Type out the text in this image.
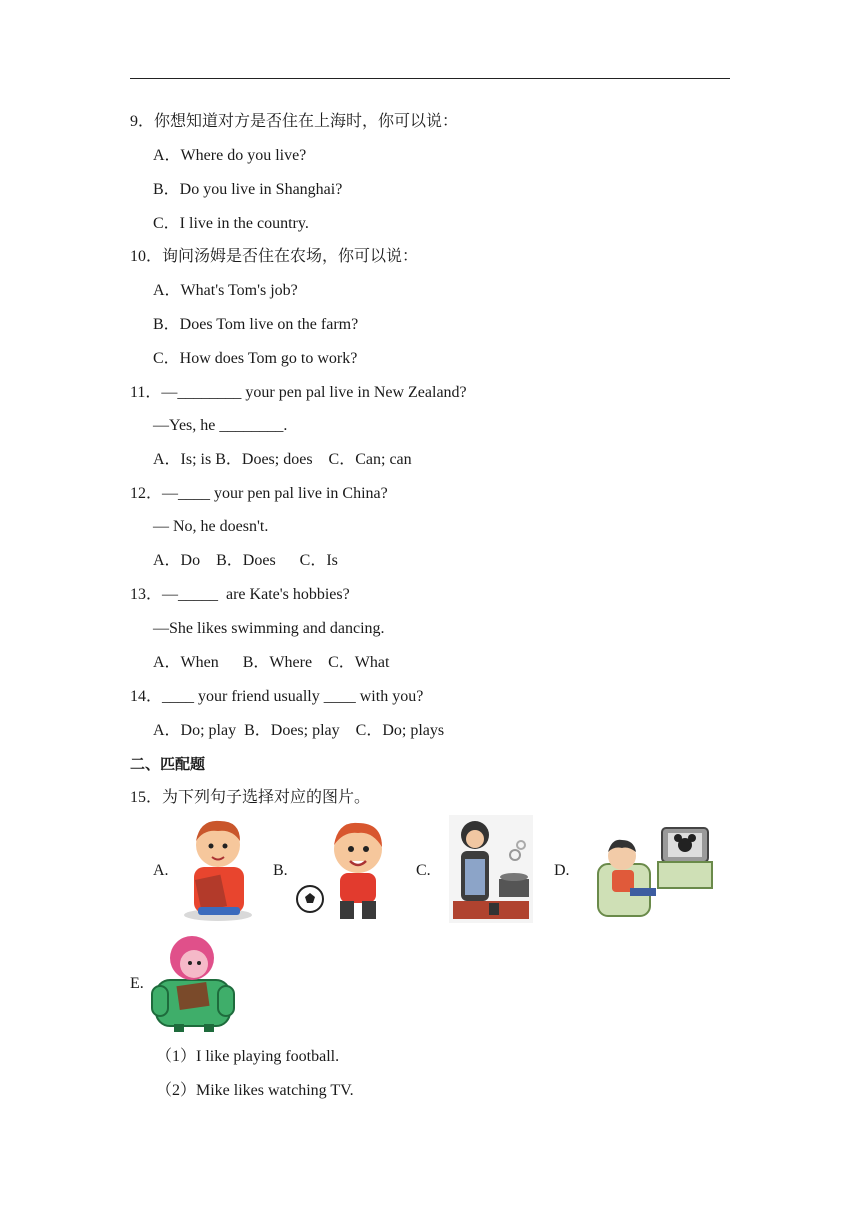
9．你想知道对方是否住在上海时，你可以说：
A．Where do you live?
B．Do you live in Shanghai?
C．I live in the country.
10．询问汤姆是否住在农场，你可以说：
A．What's Tom's job?
B．Does Tom live on the farm?
C．How does Tom go to work?
11．—________ your pen pal live in New Zealand?
—Yes, he ________.
A．Is; is B．Does; does    C．Can; can
12．—____ your pen pal live in China?
— No, he doesn't.
A．Do    B．Does      C．Is
13．—_____  are Kate's hobbies?
—She likes swimming and dancing.
A．When      B．Where    C．What
14．____ your friend usually ____ with you?
A．Do; play  B．Does; play    C．Do; plays
二、匹配题
15．为下列句子选择对应的图片。
A.	B.	C.	D.
E.
（1）I like playing football.
（2）Mike likes watching TV.
